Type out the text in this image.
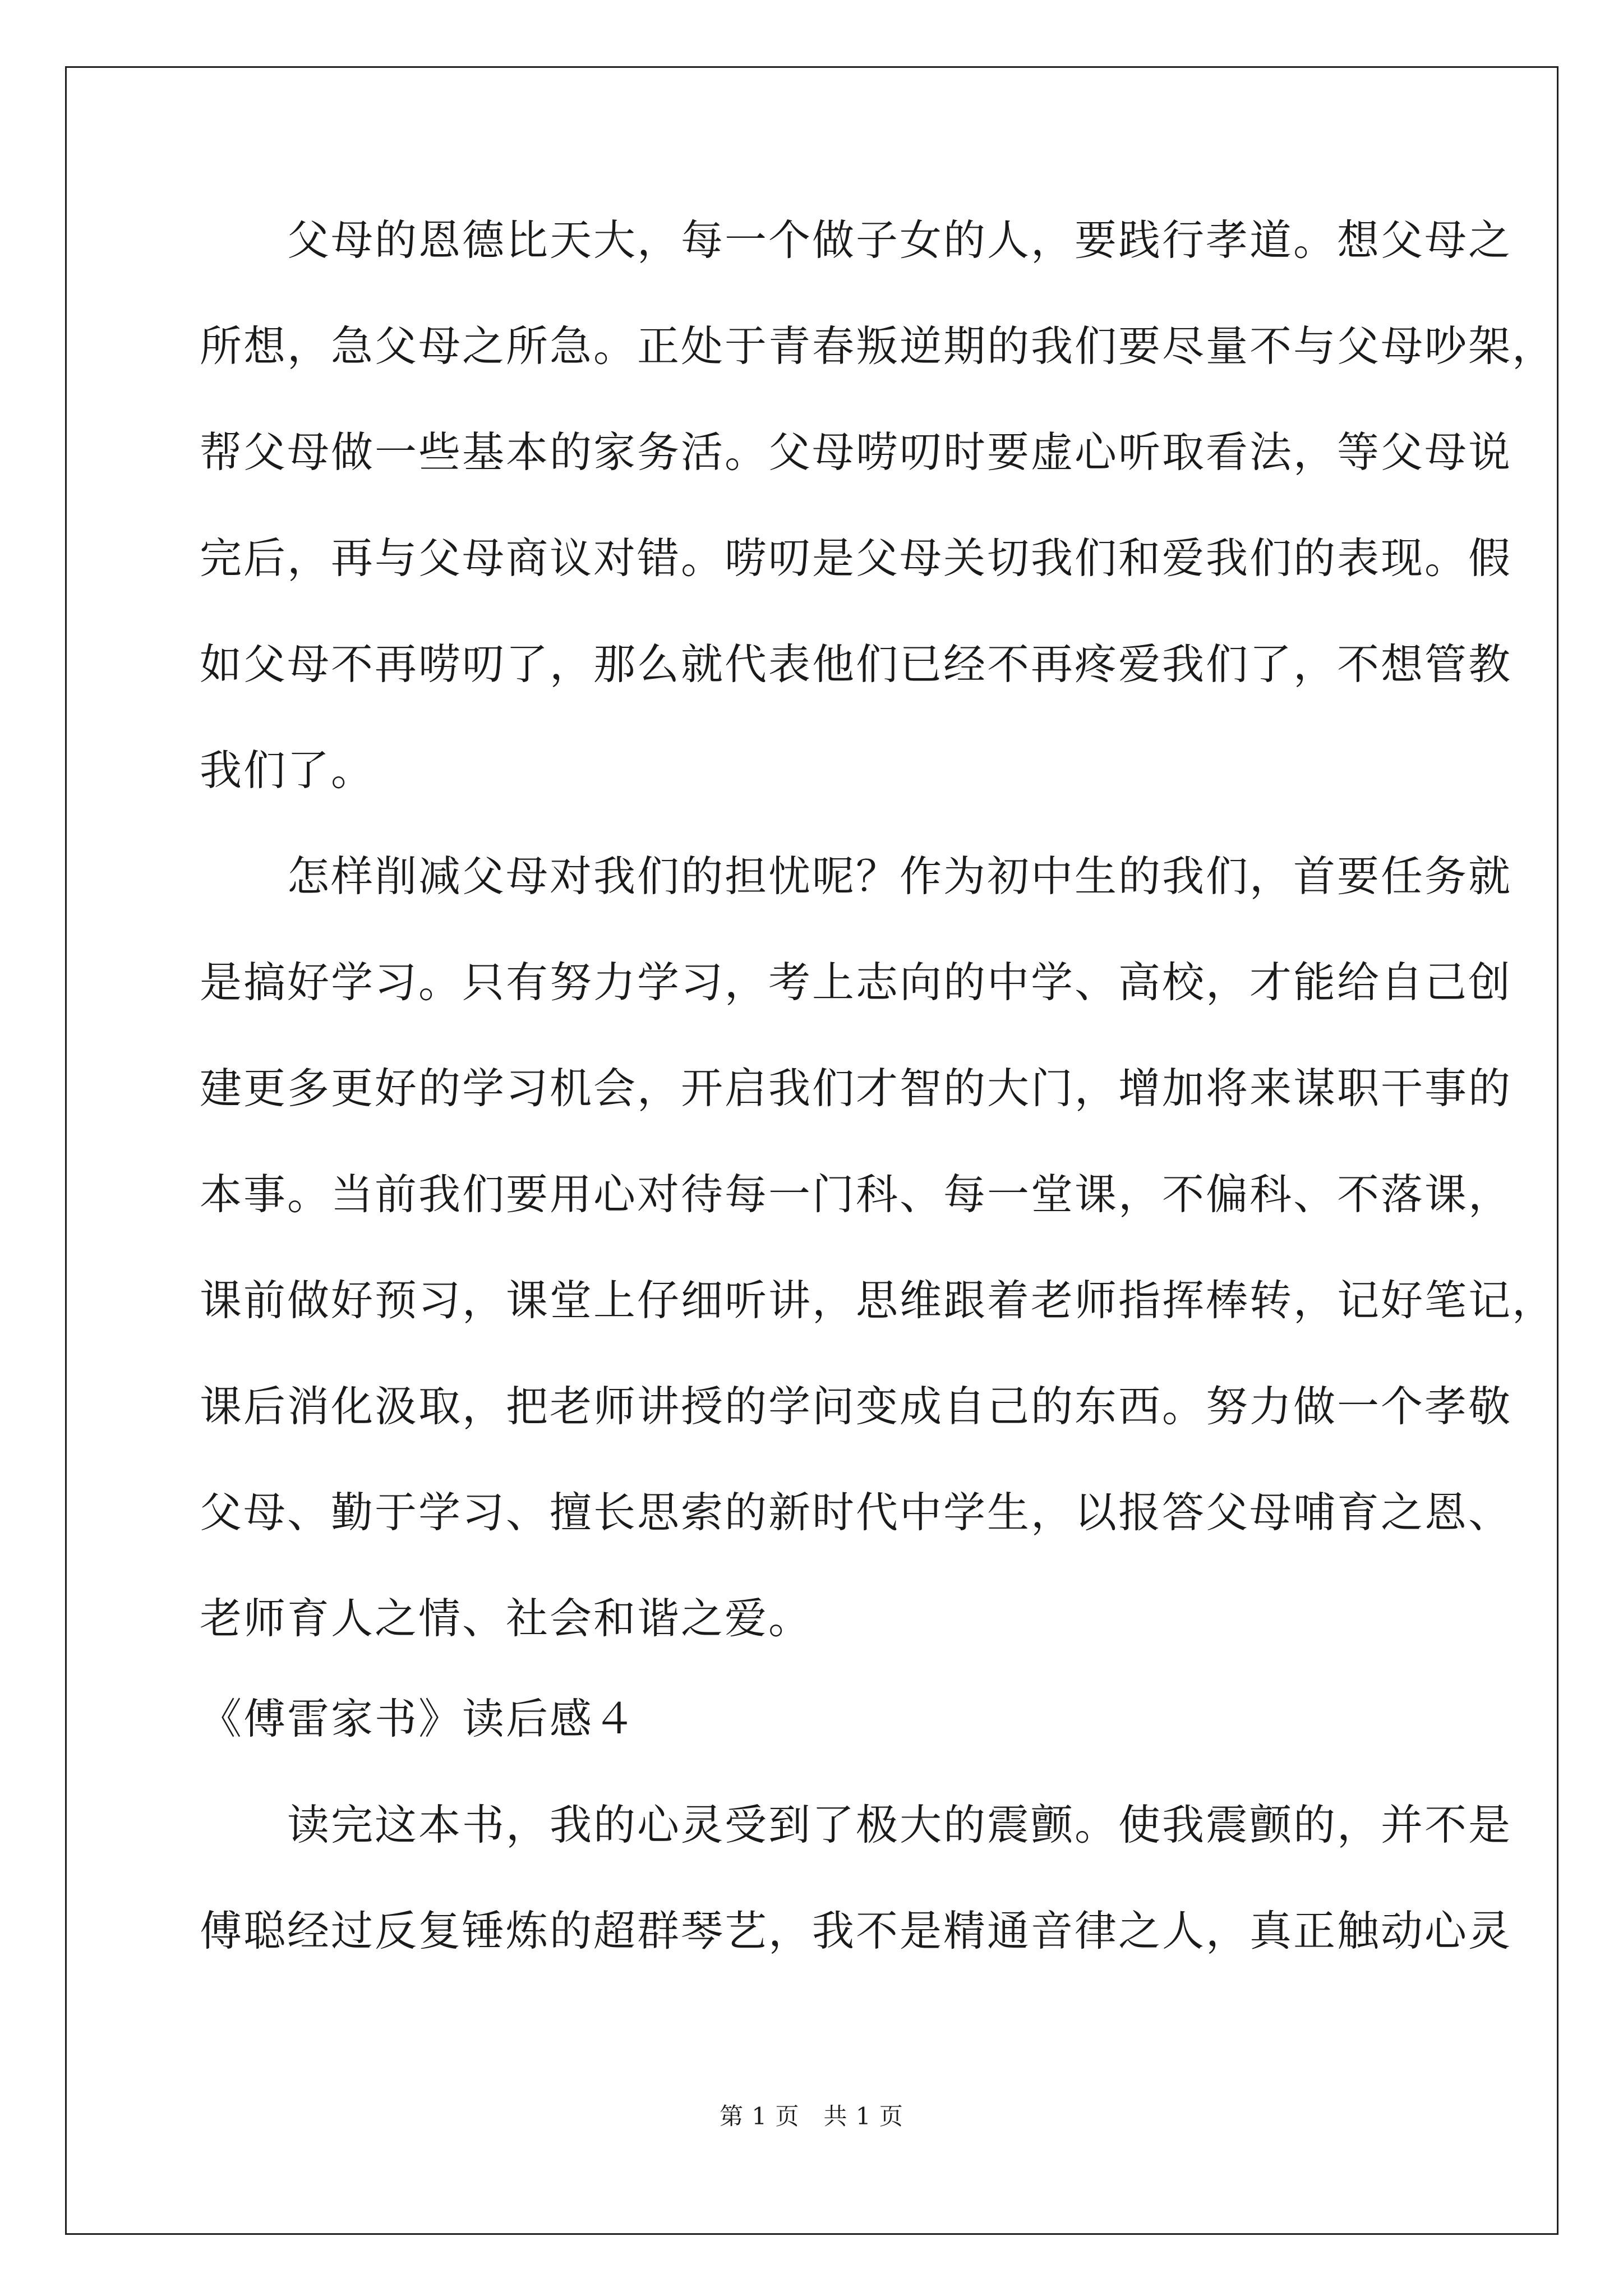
　　父母的恩德比天大，每一个做子女的人，要践行孝道。想父母之
所想，急父母之所急。正处于青春叛逆期的我们要尽量不与父母吵架，
帮父母做一些基本的家务活。父母唠叨时要虚心听取看法，等父母说
完后，再与父母商议对错。唠叨是父母关切我们和爱我们的表现。假
如父母不再唠叨了，那么就代表他们已经不再疼爱我们了，不想管教
我们了。
　　怎样削减父母对我们的担忧呢？作为初中生的我们，首要任务就
是搞好学习。只有努力学习，考上志向的中学、高校，才能给自己创
建更多更好的学习机会，开启我们才智的大门，增加将来谋职干事的
本事。当前我们要用心对待每一门科、每一堂课，不偏科、不落课，
课前做好预习，课堂上仔细听讲，思维跟着老师指挥棒转，记好笔记，
课后消化汲取，把老师讲授的学问变成自己的东西。努力做一个孝敬
父母、勤于学习、擅长思索的新时代中学生，以报答父母哺育之恩、
老师育人之情、社会和谐之爱。
《傅雷家书》读后感４
　　读完这本书，我的心灵受到了极大的震颤。使我震颤的，并不是
傅聪经过反复锤炼的超群琴艺，我不是精通音律之人，真正触动心灵
第 1 页　共 1 页
